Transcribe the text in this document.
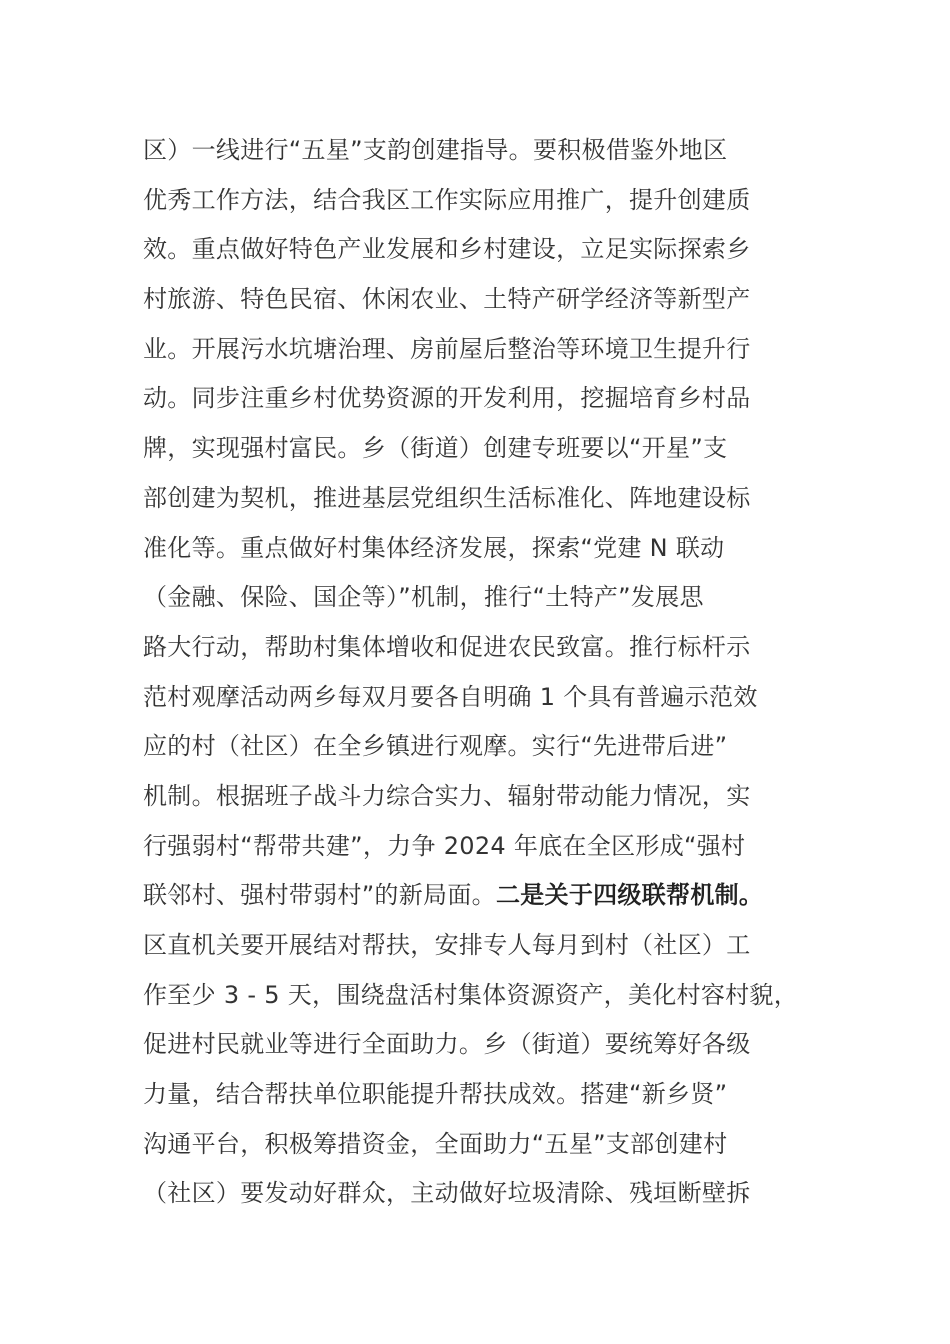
区）一线进行“五星”支韵创建指导。要积极借鉴外地区
优秀工作方法，结合我区工作实际应用推广，提升创建质
效。重点做好特色产业发展和乡村建设，立足实际探索乡
村旅游、特色民宿、休闲农业、土特产研学经济等新型产
业。开展污水坑塘治理、房前屋后整治等环境卫生提升行
动。同步注重乡村优势资源的开发利用，挖掘培育乡村品
牌，实现强村富民。乡（街道）创建专班要以“开星”支
部创建为契机，推进基层党组织生活标准化、阵地建设标
准化等。重点做好村集体经济发展，探索“党建 N 联动
（金融、保险、国企等）”机制，推行“土特产”发展思
路大行动，帮助村集体增收和促进农民致富。推行标杆示
范村观摩活动两乡每双月要各自明确 1 个具有普遍示范效
应的村（社区）在全乡镇进行观摩。实行“先进带后进”
机制。根据班子战斗力综合实力、辐射带动能力情况，实
行强弱村“帮带共建”，力争 2024 年底在全区形成“强村
联邻村、强村带弱村”的新局面。二是关于四级联帮机制。
区直机关要开展结对帮扶，安排专人每月到村（社区）工
作至少 3 - 5 天，围绕盘活村集体资源资产，美化村容村貌，
促进村民就业等进行全面助力。乡（街道）要统筹好各级
力量，结合帮扶单位职能提升帮扶成效。搭建“新乡贤”
沟通平台，积极筹措资金，全面助力“五星”支部创建村
（社区）要发动好群众，主动做好垃圾清除、残垣断壁拆
